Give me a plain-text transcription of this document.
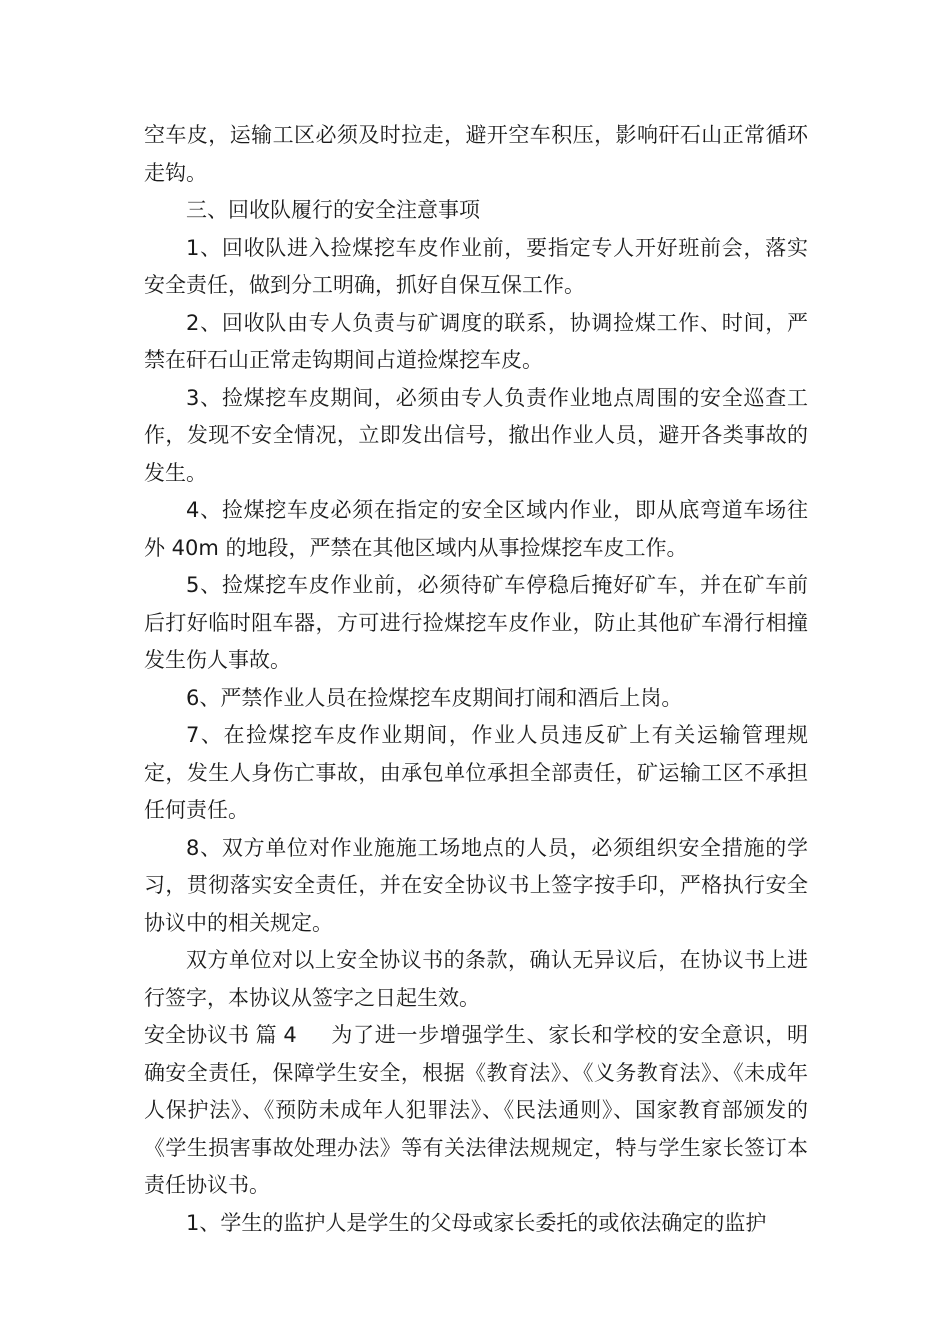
空车皮，运输工区必须及时拉走，避开空车积压，影响矸石山正常循环走钩。

三、回收队履行的安全注意事项

1、回收队进入捡煤挖车皮作业前，要指定专人开好班前会，落实安全责任，做到分工明确，抓好自保互保工作。

2、回收队由专人负责与矿调度的联系，协调捡煤工作、时间，严禁在矸石山正常走钩期间占道捡煤挖车皮。

3、捡煤挖车皮期间，必须由专人负责作业地点周围的安全巡查工作，发现不安全情况，立即发出信号，撤出作业人员，避开各类事故的发生。

4、捡煤挖车皮必须在指定的安全区域内作业，即从底弯道车场往外 40m 的地段，严禁在其他区域内从事捡煤挖车皮工作。

5、捡煤挖车皮作业前，必须待矿车停稳后掩好矿车，并在矿车前后打好临时阻车器，方可进行捡煤挖车皮作业，防止其他矿车滑行相撞发生伤人事故。

6、严禁作业人员在捡煤挖车皮期间打闹和酒后上岗。

7、在捡煤挖车皮作业期间，作业人员违反矿上有关运输管理规定，发生人身伤亡事故，由承包单位承担全部责任，矿运输工区不承担任何责任。

8、双方单位对作业施施工场地点的人员，必须组织安全措施的学习，贯彻落实安全责任，并在安全协议书上签字按手印，严格执行安全协议中的相关规定。

双方单位对以上安全协议书的条款，确认无异议后，在协议书上进行签字，本协议从签字之日起生效。

安全协议书 篇 4 为了进一步增强学生、家长和学校的安全意识，明确安全责任，保障学生安全，根据《教育法》、《义务教育法》、《未成年人保护法》、《预防未成年人犯罪法》、《民法通则》、国家教育部颁发的《学生损害事故处理办法》等有关法律法规规定，特与学生家长签订本责任协议书。

1、学生的监护人是学生的父母或家长委托的或依法确定的监护
